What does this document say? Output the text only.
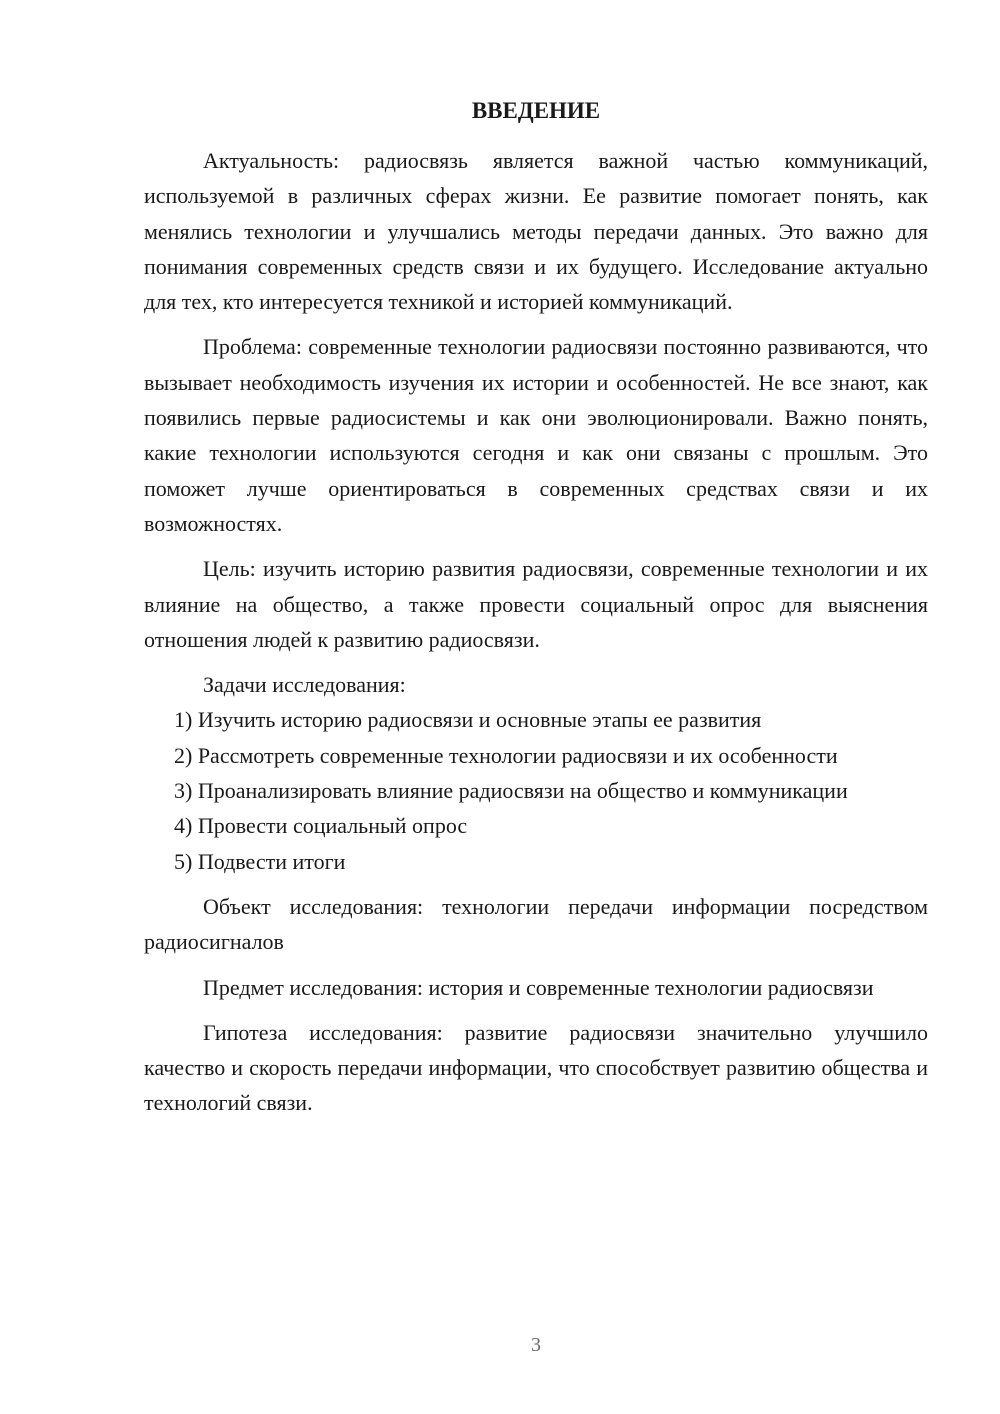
ВВЕДЕНИЕ

Актуальность: радиосвязь является важной частью коммуникаций, используемой в различных сферах жизни. Ее развитие помогает понять, как менялись технологии и улучшались методы передачи данных. Это важно для понимания современных средств связи и их будущего. Исследование актуально для тех, кто интересуется техникой и историей коммуникаций.

Проблема: современные технологии радиосвязи постоянно развиваются, что вызывает необходимость изучения их истории и особенностей. Не все знают, как появились первые радиосистемы и как они эволюционировали. Важно понять, какие технологии используются сегодня и как они связаны с прошлым. Это поможет лучше ориентироваться в современных средствах связи и их возможностях.

Цель: изучить историю развития радиосвязи, современные технологии и их влияние на общество, а также провести социальный опрос для выяснения отношения людей к развитию радиосвязи.

Задачи исследования:

1) Изучить историю радиосвязи и основные этапы ее развития

2) Рассмотреть современные технологии радиосвязи и их особенности

3) Проанализировать влияние радиосвязи на общество и коммуникации

4) Провести социальный опрос

5) Подвести итоги

Объект исследования: технологии передачи информации посредством радиосигналов

Предмет исследования: история и современные технологии радиосвязи

Гипотеза исследования: развитие радиосвязи значительно улучшило качество и скорость передачи информации, что способствует развитию общества и технологий связи.

3
